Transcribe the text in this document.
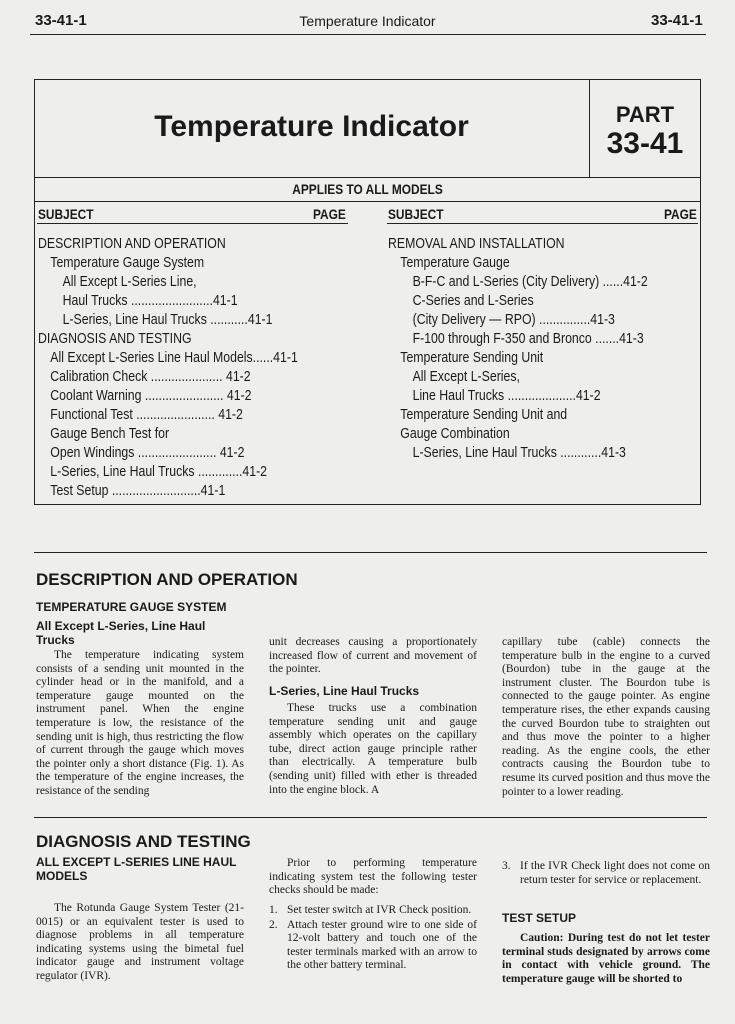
33-41-1	Temperature Indicator	33-41-1
Temperature Indicator	PART
33-41
APPLIES TO ALL MODELS
SUBJECT	PAGE	SUBJECT	PAGE
DESCRIPTION AND OPERATION
Temperature Gauge System
All Except L-Series Line,
Haul Trucks ........................41-1
L-Series, Line Haul Trucks ...........41-1
DIAGNOSIS AND TESTING
All Except L-Series Line Haul Models......41-1
Calibration Check ..................... 41-2
Coolant Warning ....................... 41-2
Functional Test ....................... 41-2
Gauge Bench Test for
Open Windings ....................... 41-2
L-Series, Line Haul Trucks .............41-2
Test Setup ..........................41-1
REMOVAL AND INSTALLATION
Temperature Gauge
B-F-C and L-Series (City Delivery) ......41-2
C-Series and L-Series
(City Delivery — RPO) ...............41-3
F-100 through F-350 and Bronco .......41-3
Temperature Sending Unit
All Except L-Series,
Line Haul Trucks ....................41-2
Temperature Sending Unit and
Gauge Combination
L-Series, Line Haul Trucks ............41-3
DESCRIPTION AND OPERATION
TEMPERATURE GAUGE SYSTEM
All Except L-Series, Line Haul Trucks
The temperature indicating system consists of a sending unit mounted in the cylinder head or in the manifold, and a temperature gauge mounted on the instrument panel. When the engine temperature is low, the resistance of the sending unit is high, thus restricting the flow of current through the gauge which moves the pointer only a short distance (Fig. 1). As the temperature of the engine increases, the resistance of the sending
unit decreases causing a proportionately increased flow of current and movement of the pointer.
L-Series, Line Haul Trucks
These trucks use a combination temperature sending unit and gauge assembly which operates on the capillary tube, direct action gauge principle rather than electrically. A temperature bulb (sending unit) filled with ether is threaded into the engine block. A
capillary tube (cable) connects the temperature bulb in the engine to a curved (Bourdon) tube in the gauge at the instrument cluster. The Bourdon tube is connected to the gauge pointer. As engine temperature rises, the ether expands causing the curved Bourdon tube to straighten out and thus move the pointer to a higher reading. As the engine cools, the ether contracts causing the Bourdon tube to resume its curved position and thus move the pointer to a lower reading.
DIAGNOSIS AND TESTING
ALL EXCEPT L-SERIES LINE HAUL MODELS
The Rotunda Gauge System Tester (21-0015) or an equivalent tester is used to diagnose problems in all temperature indicating systems using the bimetal fuel indicator gauge and instrument voltage regulator (IVR).
Prior to performing temperature indicating system test the following tester checks should be made:
1. Set tester switch at IVR Check position.
2. Attach tester ground wire to one side of 12-volt battery and touch one of the tester terminals marked with an arrow to the other battery terminal.
3. If the IVR Check light does not come on return tester for service or replacement.
TEST SETUP
Caution: During test do not let tester terminal studs designated by arrows come in contact with vehicle ground. The temperature gauge will be shorted to
